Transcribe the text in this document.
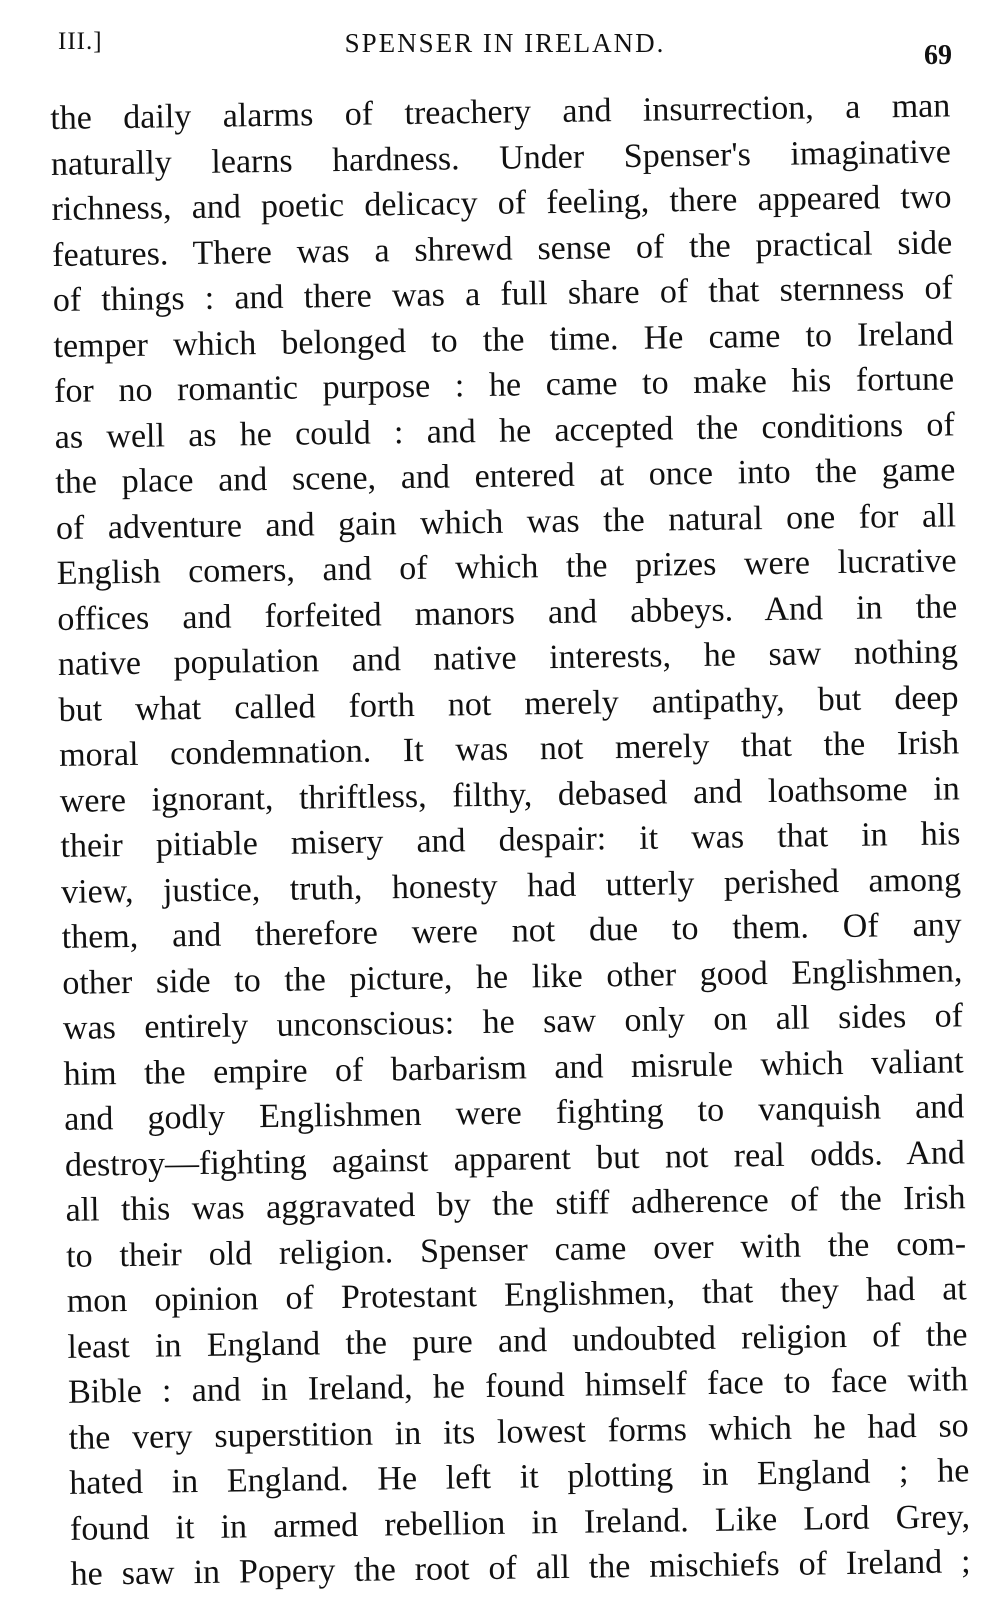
III.]	SPENSER IN IRELAND.	69
the daily alarms of treachery and insurrection, a man
naturally learns hardness. Under Spenser's imaginative
richness, and poetic delicacy of feeling, there appeared two
features. There was a shrewd sense of the practical side
of things : and there was a full share of that sternness of
temper which belonged to the time. He came to Ireland
for no romantic purpose : he came to make his fortune
as well as he could : and he accepted the conditions of
the place and scene, and entered at once into the game
of adventure and gain which was the natural one for all
English comers, and of which the prizes were lucrative
offices and forfeited manors and abbeys. And in the
native population and native interests, he saw nothing
but what called forth not merely antipathy, but deep
moral condemnation. It was not merely that the Irish
were ignorant, thriftless, filthy, debased and loathsome in
their pitiable misery and despair: it was that in his
view, justice, truth, honesty had utterly perished among
them, and therefore were not due to them. Of any
other side to the picture, he like other good Englishmen,
was entirely unconscious: he saw only on all sides of
him the empire of barbarism and misrule which valiant
and godly Englishmen were fighting to vanquish and
destroy—fighting against apparent but not real odds. And
all this was aggravated by the stiff adherence of the Irish
to their old religion. Spenser came over with the com-
mon opinion of Protestant Englishmen, that they had at
least in England the pure and undoubted religion of the
Bible : and in Ireland, he found himself face to face with
the very superstition in its lowest forms which he had so
hated in England. He left it plotting in England ; he
found it in armed rebellion in Ireland. Like Lord Grey,
he saw in Popery the root of all the mischiefs of Ireland ;
